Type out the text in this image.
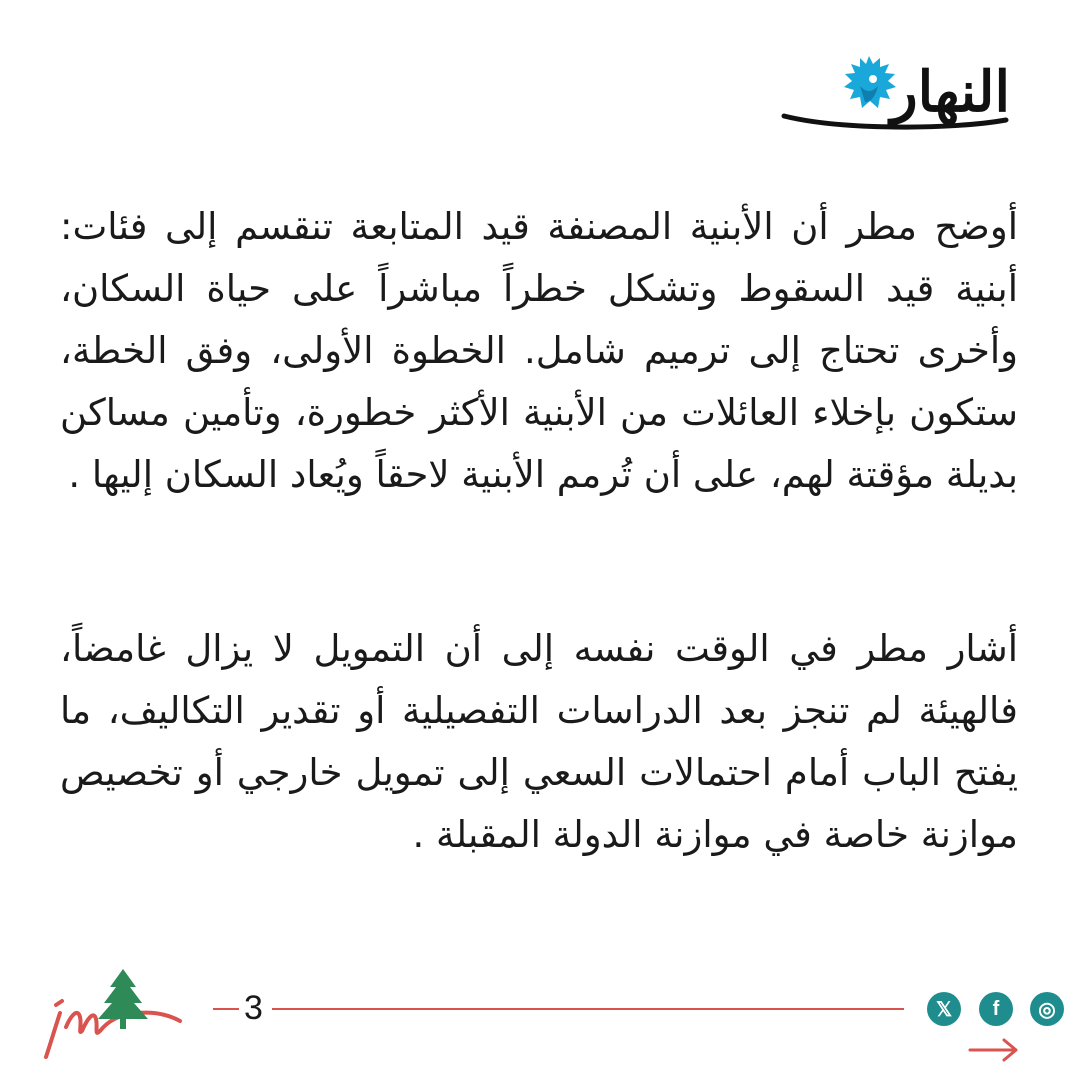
النهار

أوضح مطر أن الأبنية المصنفة قيد المتابعة تنقسم إلى فئات: أبنية قيد السقوط وتشكل خطراً مباشراً على حياة السكان، وأخرى تحتاج إلى ترميم شامل. الخطوة الأولى، وفق الخطة، ستكون بإخلاء العائلات من الأبنية الأكثر خطورة، وتأمين مساكن بديلة مؤقتة لهم، على أن تُرمم الأبنية لاحقاً ويُعاد السكان إليها .

أشار مطر في الوقت نفسه إلى أن التمويل لا يزال غامضاً، فالهيئة لم تنجز بعد الدراسات التفصيلية أو تقدير التكاليف، ما يفتح الباب أمام احتمالات السعي إلى تمويل خارجي أو تخصيص موازنة خاصة في موازنة الدولة المقبلة .

3	𝕏	f	◎
